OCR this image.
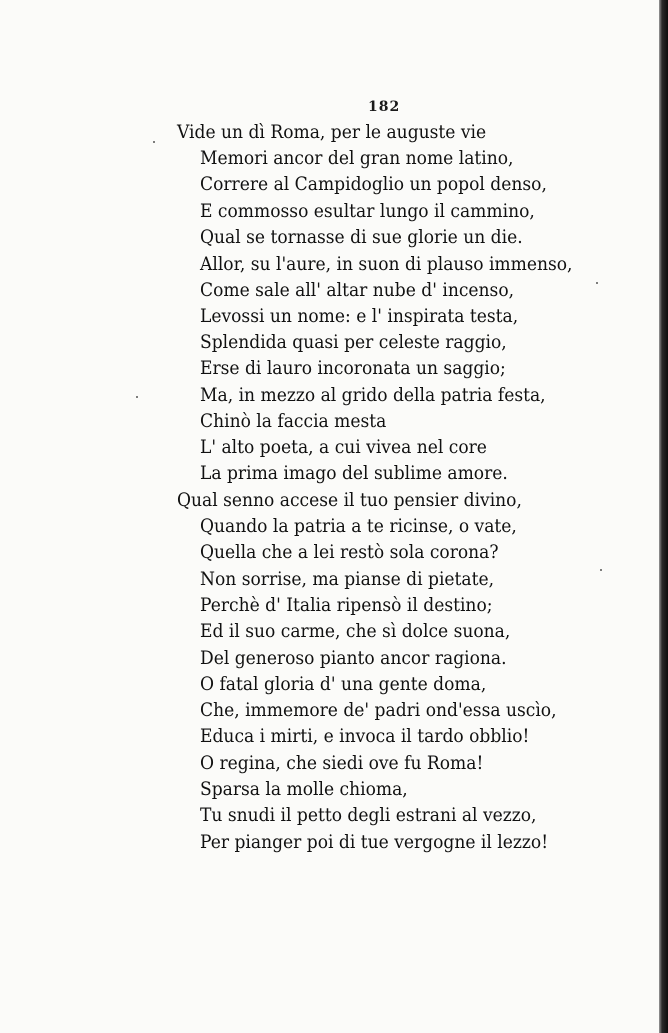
182
Vide un dì Roma, per le auguste vie
Memori ancor del gran nome latino,
Correre al Campidoglio un popol denso,
E commosso esultar lungo il cammino,
Qual se tornasse di sue glorie un die.
Allor, su l'aure, in suon di plauso immenso,
Come sale all' altar nube d' incenso,
Levossi un nome: e l' inspirata testa,
Splendida quasi per celeste raggio,
Erse di lauro incoronata un saggio;
Ma, in mezzo al grido della patria festa,
Chinò la faccia mesta
L' alto poeta, a cui vivea nel core
La prima imago del sublime amore.
Qual senno accese il tuo pensier divino,
Quando la patria a te ricinse, o vate,
Quella che a lei restò sola corona?
Non sorrise, ma pianse di pietate,
Perchè d' Italia ripensò il destino;
Ed il suo carme, che sì dolce suona,
Del generoso pianto ancor ragiona.
O fatal gloria d' una gente doma,
Che, immemore de' padri ond'essa uscìo,
Educa i mirti, e invoca il tardo obblio!
O regina, che siedi ove fu Roma!
Sparsa la molle chioma,
Tu snudi il petto degli estrani al vezzo,
Per pianger poi di tue vergogne il lezzo!
